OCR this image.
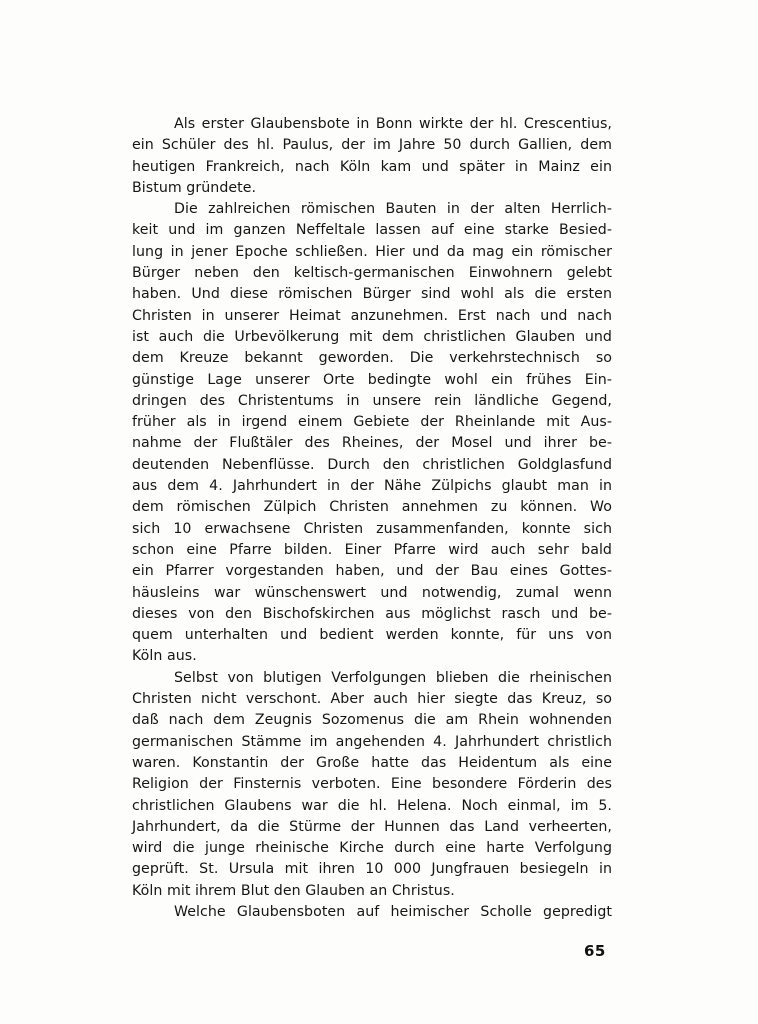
Als erster Glaubensbote in Bonn wirkte der hl. Crescentius,
ein Schüler des hl. Paulus, der im Jahre 50 durch Gallien, dem
heutigen Frankreich, nach Köln kam und später in Mainz ein
Bistum gründete.

Die zahlreichen römischen Bauten in der alten Herrlich-
keit und im ganzen Neffeltale lassen auf eine starke Besied-
lung in jener Epoche schließen. Hier und da mag ein römischer
Bürger neben den keltisch-germanischen Einwohnern gelebt
haben. Und diese römischen Bürger sind wohl als die ersten
Christen in unserer Heimat anzunehmen. Erst nach und nach
ist auch die Urbevölkerung mit dem christlichen Glauben und
dem Kreuze bekannt geworden. Die verkehrstechnisch so
günstige Lage unserer Orte bedingte wohl ein frühes Ein-
dringen des Christentums in unsere rein ländliche Gegend,
früher als in irgend einem Gebiete der Rheinlande mit Aus-
nahme der Flußtäler des Rheines, der Mosel und ihrer be-
deutenden Nebenflüsse. Durch den christlichen Goldglasfund
aus dem 4. Jahrhundert in der Nähe Zülpichs glaubt man in
dem römischen Zülpich Christen annehmen zu können. Wo
sich 10 erwachsene Christen zusammenfanden, konnte sich
schon eine Pfarre bilden. Einer Pfarre wird auch sehr bald
ein Pfarrer vorgestanden haben, und der Bau eines Gottes-
häusleins war wünschenswert und notwendig, zumal wenn
dieses von den Bischofskirchen aus möglichst rasch und be-
quem unterhalten und bedient werden konnte, für uns von
Köln aus.

Selbst von blutigen Verfolgungen blieben die rheinischen
Christen nicht verschont. Aber auch hier siegte das Kreuz, so
daß nach dem Zeugnis Sozomenus die am Rhein wohnenden
germanischen Stämme im angehenden 4. Jahrhundert christlich
waren. Konstantin der Große hatte das Heidentum als eine
Religion der Finsternis verboten. Eine besondere Förderin des
christlichen Glaubens war die hl. Helena. Noch einmal, im 5.
Jahrhundert, da die Stürme der Hunnen das Land verheerten,
wird die junge rheinische Kirche durch eine harte Verfolgung
geprüft. St. Ursula mit ihren 10 000 Jungfrauen besiegeln in
Köln mit ihrem Blut den Glauben an Christus.

Welche Glaubensboten auf heimischer Scholle gepredigt

65
